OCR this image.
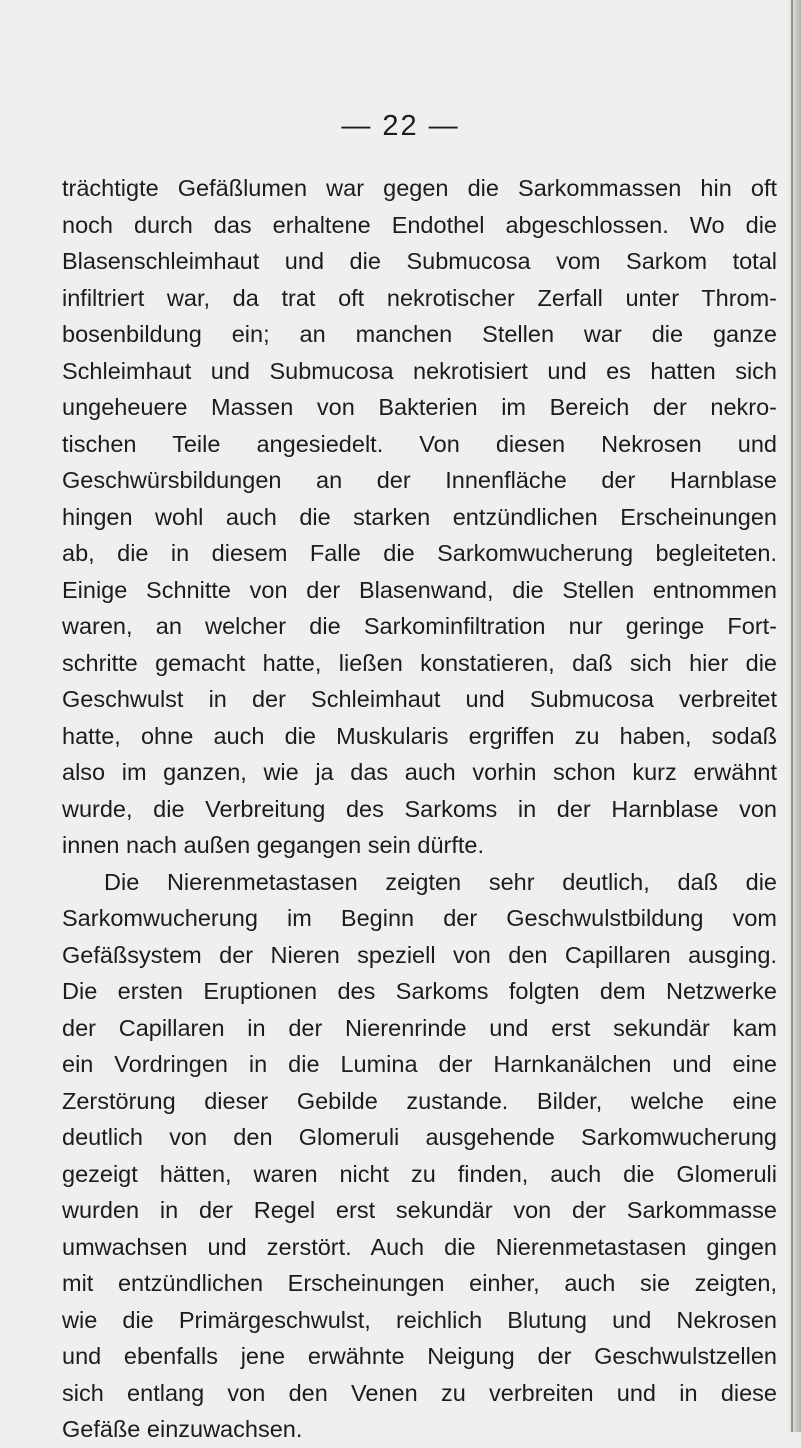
— 22 —
trächtigte Gefäßlumen war gegen die Sarkommassen hin oft
noch durch das erhaltene Endothel abgeschlossen. Wo die
Blasenschleimhaut und die Submucosa vom Sarkom total
infiltriert war, da trat oft nekrotischer Zerfall unter Throm-
bosenbildung ein; an manchen Stellen war die ganze
Schleimhaut und Submucosa nekrotisiert und es hatten sich
ungeheuere Massen von Bakterien im Bereich der nekro-
tischen Teile angesiedelt. Von diesen Nekrosen und
Geschwürsbildungen an der Innenfläche der Harnblase
hingen wohl auch die starken entzündlichen Erscheinungen
ab, die in diesem Falle die Sarkomwucherung begleiteten.
Einige Schnitte von der Blasenwand, die Stellen entnommen
waren, an welcher die Sarkominfiltration nur geringe Fort-
schritte gemacht hatte, ließen konstatieren, daß sich hier die
Geschwulst in der Schleimhaut und Submucosa verbreitet
hatte, ohne auch die Muskularis ergriffen zu haben, sodaß
also im ganzen, wie ja das auch vorhin schon kurz erwähnt
wurde, die Verbreitung des Sarkoms in der Harnblase von
innen nach außen gegangen sein dürfte.
Die Nierenmetastasen zeigten sehr deutlich, daß die
Sarkomwucherung im Beginn der Geschwulstbildung vom
Gefäßsystem der Nieren speziell von den Capillaren ausging.
Die ersten Eruptionen des Sarkoms folgten dem Netzwerke
der Capillaren in der Nierenrinde und erst sekundär kam
ein Vordringen in die Lumina der Harnkanälchen und eine
Zerstörung dieser Gebilde zustande. Bilder, welche eine
deutlich von den Glomeruli ausgehende Sarkomwucherung
gezeigt hätten, waren nicht zu finden, auch die Glomeruli
wurden in der Regel erst sekundär von der Sarkommasse
umwachsen und zerstört. Auch die Nierenmetastasen gingen
mit entzündlichen Erscheinungen einher, auch sie zeigten,
wie die Primärgeschwulst, reichlich Blutung und Nekrosen
und ebenfalls jene erwähnte Neigung der Geschwulstzellen
sich entlang von den Venen zu verbreiten und in diese
Gefäße einzuwachsen.
